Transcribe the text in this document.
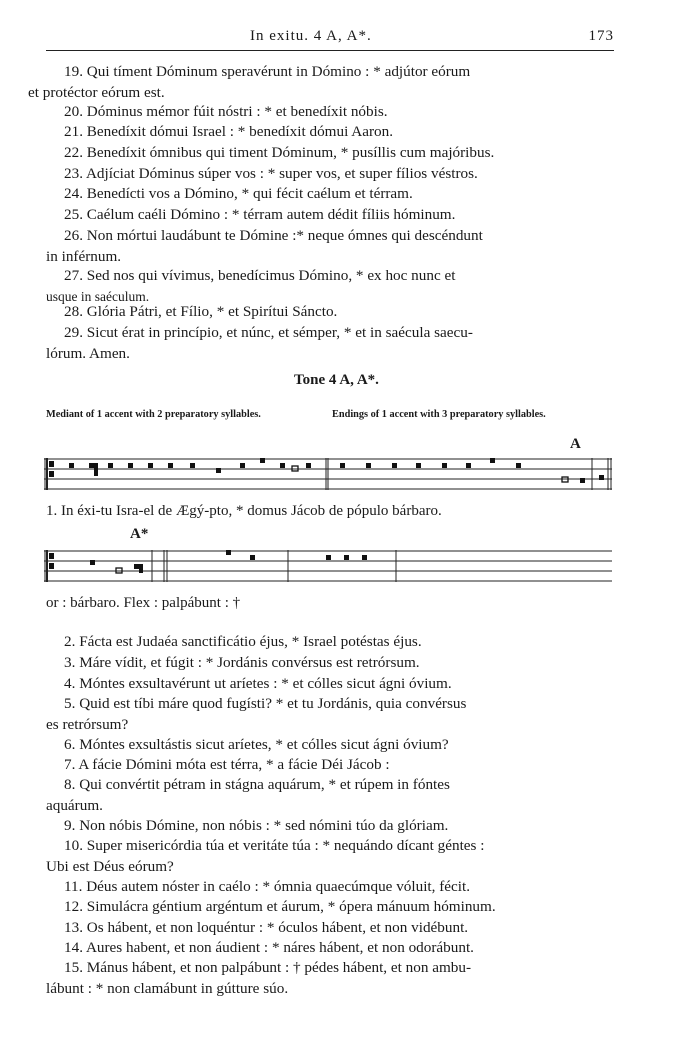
In exitu. 4 A, A*.	173
19. Qui tíment Dóminum speravérunt in Dómino : * adjútor eórum
et protéctor eórum est.
20. Dóminus mémor fúit nóstri : * et benedíxit nóbis.
21. Benedíxit dómui Israel : * benedíxit dómui Aaron.
22. Benedíxit ómnibus qui timent Dóminum, * pusíllis cum majóribus.
23. Adjíciat Dóminus súper vos : * super vos, et super fílios véstros.
24. Benedícti vos a Dómino, * qui fécit caélum et térram.
25. Caélum caéli Dómino : * térram autem dédit fíliis hóminum.
26. Non mórtui laudábunt te Dómine :* neque ómnes qui descéndunt
in inférnum.
27. Sed nos qui vívimus, benedícimus Dómino, * ex hoc nunc et
usque in saéculum.
28. Glória Pátri, et Fílio, * et Spirítui Sáncto.
29. Sicut érat in princípio, et núnc, et sémper, * et in saécula saecu-
lórum. Amen.
Tone 4 A, A*.
Mediant of 1 accent with 2 preparatory syllables.	Endings of 1 accent with 3 preparatory syllables.
A
1. In éxi-tu Isra-el de Ægý-pto, * domus Jácob de pópulo bárbaro.
A*
or : bárbaro. Flex : palpábunt : †
2. Fácta est Judaéa sanctificátio éjus, * Israel potéstas éjus.
3. Máre vídit, et fúgit : * Jordánis convérsus est retrórsum.
4. Móntes exsultavérunt ut aríetes : * et cólles sicut ágni óvium.
5. Quid est tíbi máre quod fugísti? * et tu Jordánis, quia convérsus
es retrórsum?
6. Móntes exsultástis sicut aríetes, * et cólles sicut ágni óvium?
7. A fácie Dómini móta est térra, * a fácie Déi Jácob :
8. Qui convértit pétram in stágna aquárum, * et rúpem in fóntes
aquárum.
9. Non nóbis Dómine, non nóbis : * sed nómini túo da glóriam.
10. Super misericórdia túa et veritáte túa : * nequándo dícant géntes :
Ubi est Déus eórum?
11. Déus autem nóster in caélo : * ómnia quaecúmque vóluit, fécit.
12. Simulácra géntium argéntum et áurum, * ópera mánuum hóminum.
13. Os hábent, et non loquéntur : * óculos hábent, et non vidébunt.
14. Aures habent, et non áudient : * náres hábent, et non odorábunt.
15. Mánus hábent, et non palpábunt : † pédes hábent, et non ambu-
lábunt : * non clamábunt in gútture súo.
